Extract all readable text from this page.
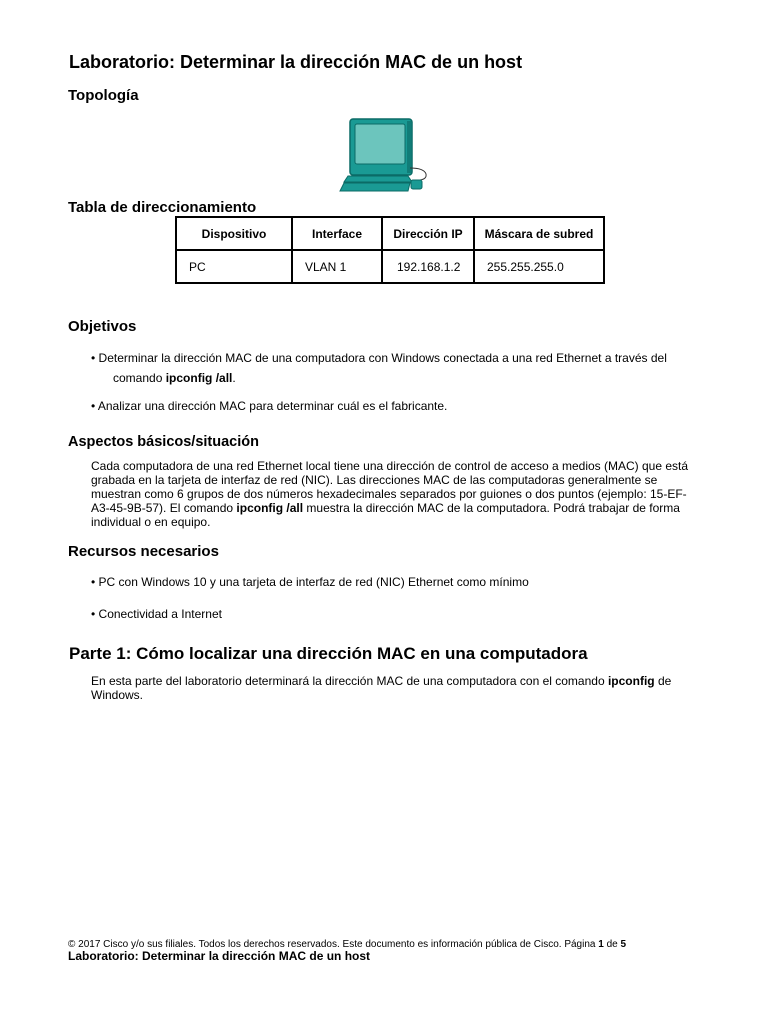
Laboratorio: Determinar la dirección MAC de un host
Topología
Tabla de direccionamiento
Dispositivo	Interface	Dirección IP	Máscara de subred
PC	VLAN 1	192.168.1.2	255.255.255.0
Objetivos
• Determinar la dirección MAC de una computadora con Windows conectada a una red Ethernet a través del
comando ipconfig /all.
• Analizar una dirección MAC para determinar cuál es el fabricante.
Aspectos básicos/situación
Cada computadora de una red Ethernet local tiene una dirección de control de acceso a medios (MAC) que está
grabada en la tarjeta de interfaz de red (NIC). Las direcciones MAC de las computadoras generalmente se
muestran como 6 grupos de dos números hexadecimales separados por guiones o dos puntos (ejemplo: 15-EF-
A3-45-9B-57). El comando ipconfig /all muestra la dirección MAC de la computadora. Podrá trabajar de forma
individual o en equipo.
Recursos necesarios
• PC con Windows 10 y una tarjeta de interfaz de red (NIC) Ethernet como mínimo
• Conectividad a Internet
Parte 1: Cómo localizar una dirección MAC en una computadora
En esta parte del laboratorio determinará la dirección MAC de una computadora con el comando ipconfig de
Windows.
© 2017 Cisco y/o sus filiales. Todos los derechos reservados. Este documento es información pública de Cisco. Página 1 de 5
Laboratorio: Determinar la dirección MAC de un host
